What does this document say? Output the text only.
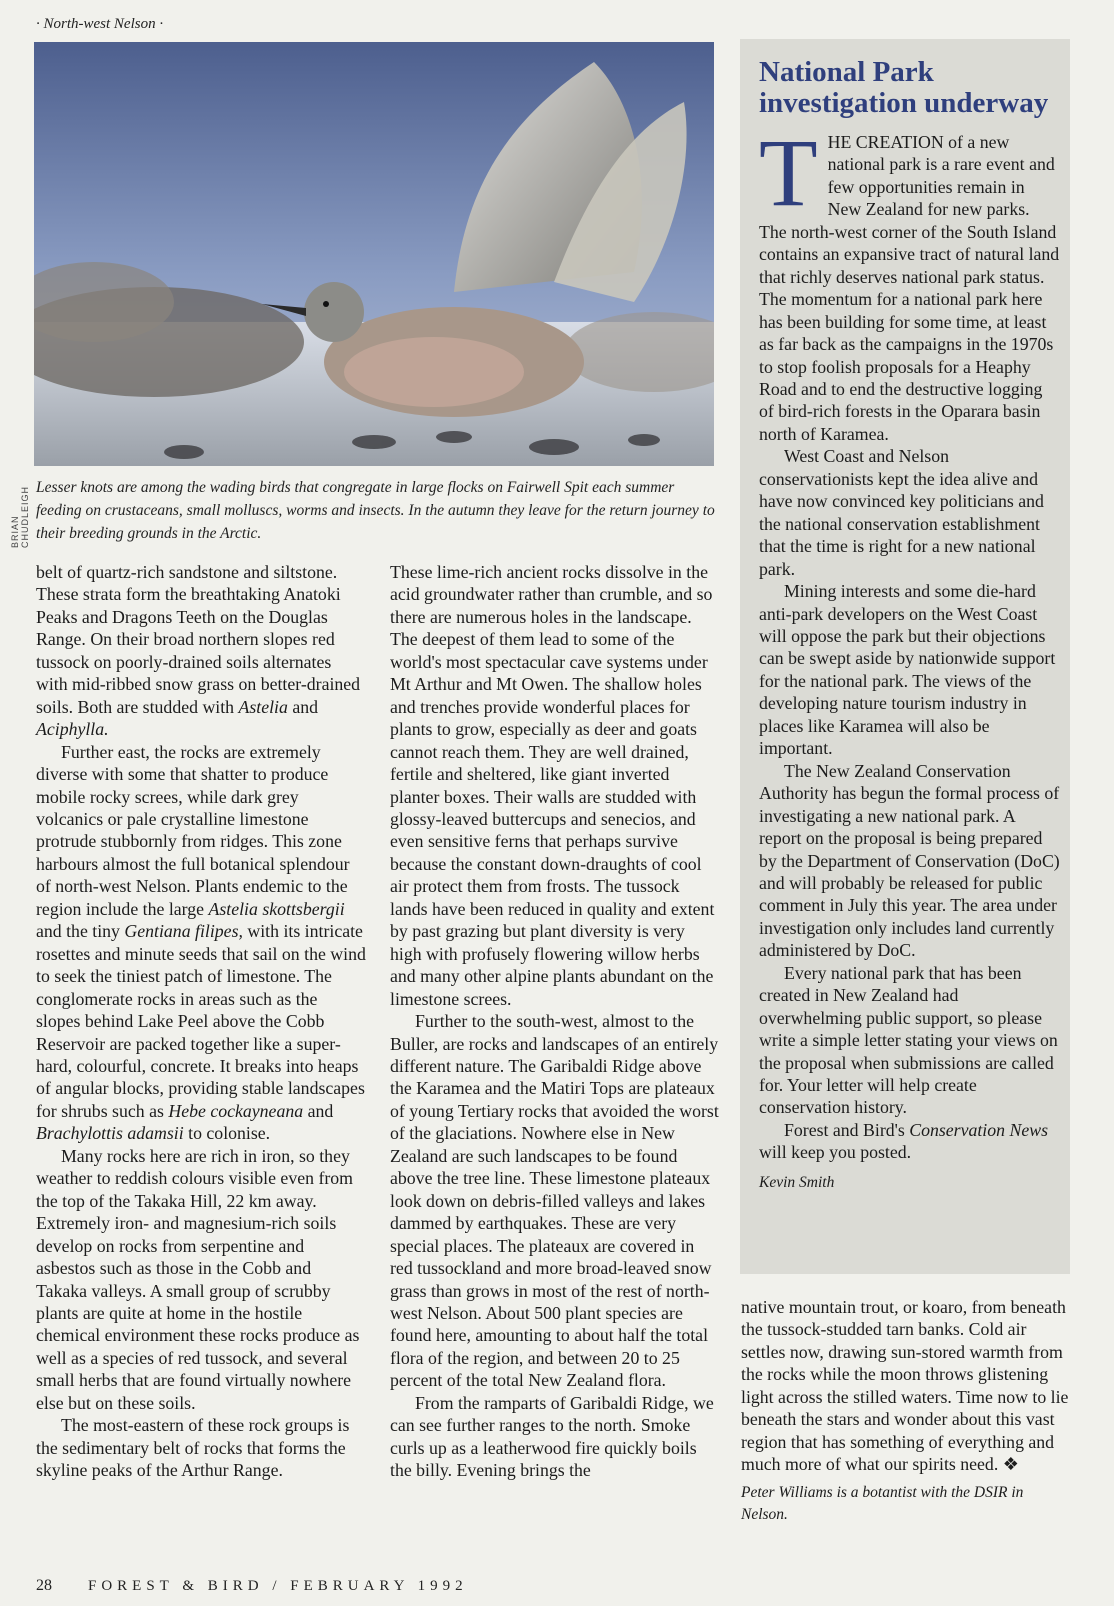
· North-west Nelson ·
BRIAN CHUDLEIGH Lesser knots are among the wading birds that congregate in large flocks on Fairwell Spit each summer feeding on crustaceans, small molluscs, worms and insects. In the autumn they leave for the return journey to their breeding grounds in the Arctic.

belt of quartz-rich sandstone and siltstone. These strata form the breathtaking Anatoki Peaks and Dragons Teeth on the Douglas Range. On their broad northern slopes red tussock on poorly-drained soils alternates with mid-ribbed snow grass on better-drained soils. Both are studded with Astelia and Aciphylla.

Further east, the rocks are extremely diverse with some that shatter to produce mobile rocky screes, while dark grey volcanics or pale crystalline limestone protrude stubbornly from ridges. This zone harbours almost the full botanical splendour of north-west Nelson. Plants endemic to the region include the large Astelia skottsbergii and the tiny Gentiana filipes, with its intricate rosettes and minute seeds that sail on the wind to seek the tiniest patch of limestone. The conglomerate rocks in areas such as the slopes behind Lake Peel above the Cobb Reservoir are packed together like a super-hard, colourful, concrete. It breaks into heaps of angular blocks, providing stable landscapes for shrubs such as Hebe cockayneana and Brachylottis adamsii to colonise.

Many rocks here are rich in iron, so they weather to reddish colours visible even from the top of the Takaka Hill, 22 km away. Extremely iron- and magnesium-rich soils develop on rocks from serpentine and asbestos such as those in the Cobb and Takaka valleys. A small group of scrubby plants are quite at home in the hostile chemical environment these rocks produce as well as a species of red tussock, and several small herbs that are found virtually nowhere else but on these soils.

The most-eastern of these rock groups is the sedimentary belt of rocks that forms the skyline peaks of the Arthur Range.

These lime-rich ancient rocks dissolve in the acid groundwater rather than crumble, and so there are numerous holes in the landscape. The deepest of them lead to some of the world's most spectacular cave systems under Mt Arthur and Mt Owen. The shallow holes and trenches provide wonderful places for plants to grow, especially as deer and goats cannot reach them. They are well drained, fertile and sheltered, like giant inverted planter boxes. Their walls are studded with glossy-leaved buttercups and senecios, and even sensitive ferns that perhaps survive because the constant down-draughts of cool air protect them from frosts. The tussock lands have been reduced in quality and extent by past grazing but plant diversity is very high with profusely flowering willow herbs and many other alpine plants abundant on the limestone screes.

Further to the south-west, almost to the Buller, are rocks and landscapes of an entirely different nature. The Garibaldi Ridge above the Karamea and the Matiri Tops are plateaux of young Tertiary rocks that avoided the worst of the glaciations. Nowhere else in New Zealand are such landscapes to be found above the tree line. These limestone plateaux look down on debris-filled valleys and lakes dammed by earthquakes. These are very special places. The plateaux are covered in red tussockland and more broad-leaved snow grass than grows in most of the rest of north-west Nelson. About 500 plant species are found here, amounting to about half the total flora of the region, and between 20 to 25 percent of the total New Zealand flora.

From the ramparts of Garibaldi Ridge, we can see further ranges to the north. Smoke curls up as a leatherwood fire quickly boils the billy. Evening brings the

National Park investigation underway

THE CREATION of a new national park is a rare event and few opportunities remain in New Zealand for new parks. The north-west corner of the South Island contains an expansive tract of natural land that richly deserves national park status. The momentum for a national park here has been building for some time, at least as far back as the campaigns in the 1970s to stop foolish proposals for a Heaphy Road and to end the destructive logging of bird-rich forests in the Oparara basin north of Karamea.

West Coast and Nelson conservationists kept the idea alive and have now convinced key politicians and the national conservation establishment that the time is right for a new national park.

Mining interests and some die-hard anti-park developers on the West Coast will oppose the park but their objections can be swept aside by nationwide support for the national park. The views of the developing nature tourism industry in places like Karamea will also be important.

The New Zealand Conservation Authority has begun the formal process of investigating a new national park. A report on the proposal is being prepared by the Department of Conservation (DoC) and will probably be released for public comment in July this year. The area under investigation only includes land currently administered by DoC.

Every national park that has been created in New Zealand had overwhelming public support, so please write a simple letter stating your views on the proposal when submissions are called for. Your letter will help create conservation history.

Forest and Bird's Conservation News will keep you posted.

Kevin Smith

native mountain trout, or koaro, from beneath the tussock-studded tarn banks. Cold air settles now, drawing sun-stored warmth from the rocks while the moon throws glistening light across the stilled waters. Time now to lie beneath the stars and wonder about this vast region that has something of everything and much more of what our spirits need. ❖

Peter Williams is a botantist with the DSIR in Nelson.
28 FOREST & BIRD / FEBRUARY 1992
